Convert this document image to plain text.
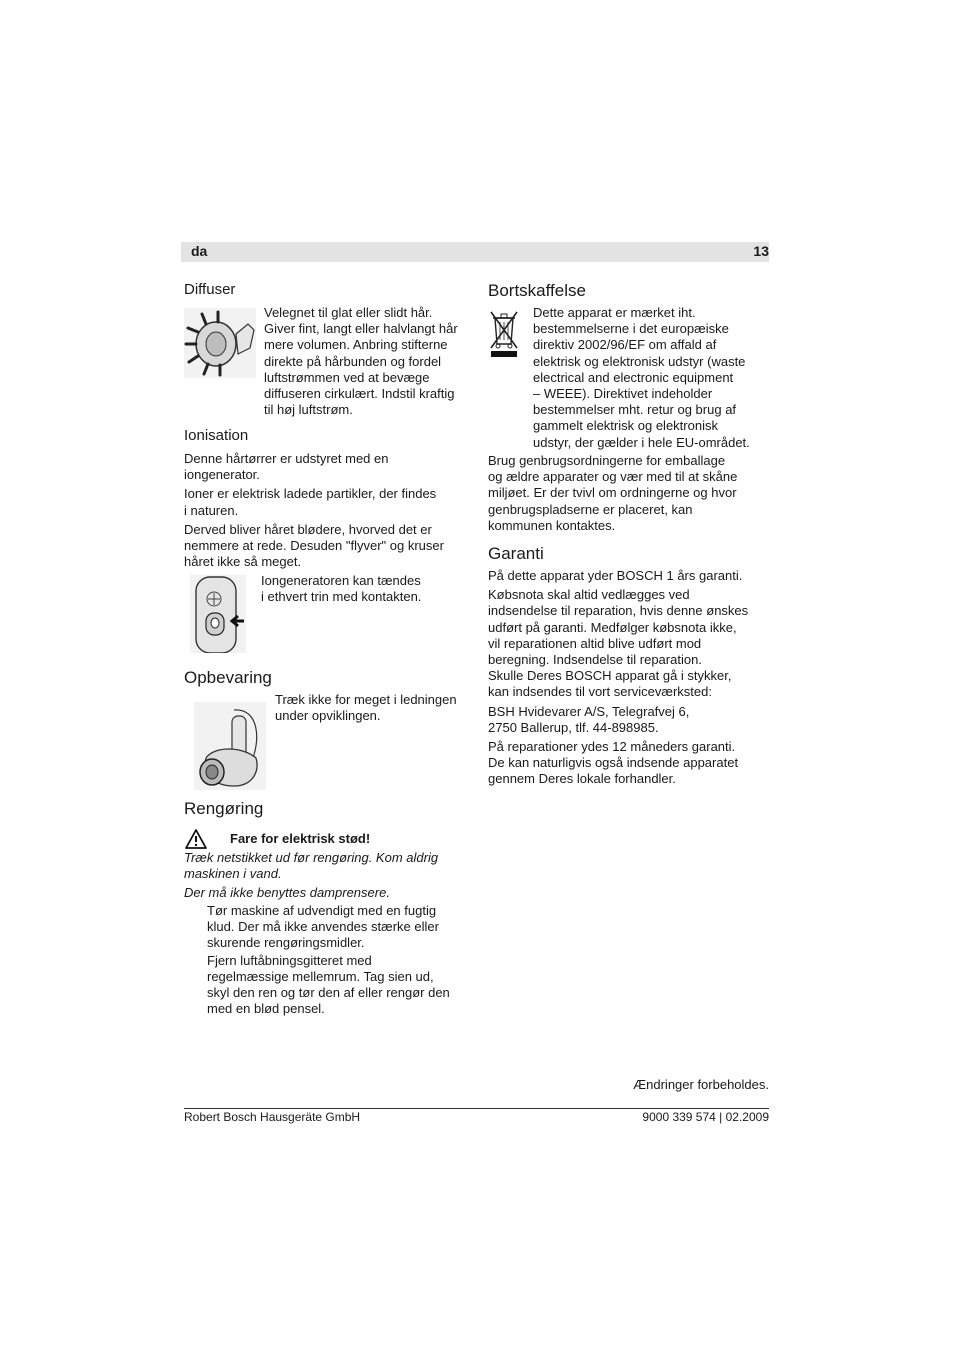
da	13
Diffuser

Velegnet til glat eller slidt hår.

Giver fint, langt eller halvlangt hår

mere volumen. Anbring stifterne

direkte på hårbunden og fordel

luftstrømmen ved at bevæge

diffuseren cirkulært. Indstil kraftig

til høj luftstrøm.

Ionisation

Denne hårtørrer er udstyret med en

iongenerator.

Ioner er elektrisk ladede partikler, der findes

i naturen.

Derved bliver håret blødere, hvorved det er

nemmere at rede. Desuden "flyver" og kruser

håret ikke så meget.

Iongeneratoren kan tændes

i ethvert trin med kontakten.

Opbevaring

Træk ikke for meget i ledningen

under opviklingen.

Rengøring
Fare for elektrisk stød!

Træk netstikket ud før rengøring. Kom aldrig

maskinen i vand.

Der må ikke benyttes damprensere.

Tør maskine af udvendigt med en fugtig

klud. Der må ikke anvendes stærke eller

skurende rengøringsmidler.

Fjern luftåbningsgitteret med

regelmæssige mellemrum. Tag sien ud,

skyl den ren og tør den af eller rengør den

med en blød pensel.

Bortskaffelse

Dette apparat er mærket iht.

bestemmelserne i det europæiske

direktiv 2002/96/EF om affald af

elektrisk og elektronisk udstyr (waste

electrical and electronic equipment

– WEEE). Direktivet indeholder

bestemmelser mht. retur og brug af

gammelt elektrisk og elektronisk

udstyr, der gælder i hele EU-området.

Brug genbrugsordningerne for emballage

og ældre apparater og vær med til at skåne

miljøet. Er der tvivl om ordningerne og hvor

genbrugspladserne er placeret, kan

kommunen kontaktes.

Garanti

På dette apparat yder BOSCH 1 års garanti.

Købsnota skal altid vedlægges ved

indsendelse til reparation, hvis denne ønskes

udført på garanti. Medfølger købsnota ikke,

vil reparationen altid blive udført mod

beregning. Indsendelse til reparation.

Skulle Deres BOSCH apparat gå i stykker,

kan indsendes til vort serviceværksted:

BSH Hvidevarer A/S, Telegrafvej 6,

2750 Ballerup, tlf. 44-898985.

På reparationer ydes 12 måneders garanti.

De kan naturligvis også indsende apparatet

gennem Deres lokale forhandler.

Ændringer forbeholdes.
Robert Bosch Hausgeräte GmbH	9000 339 574 | 02.2009
